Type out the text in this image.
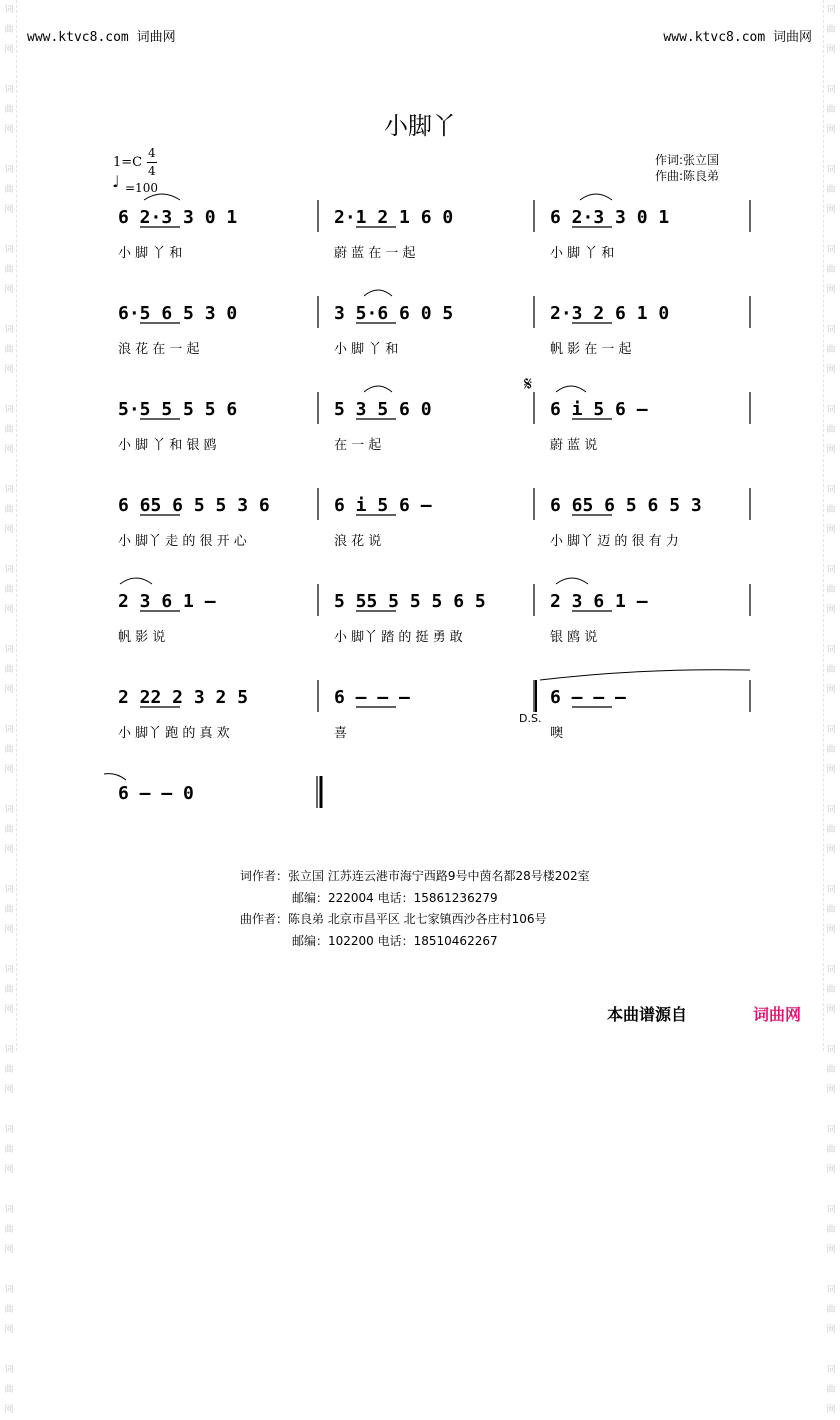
词
曲
网

词
曲
网

词
曲
网

词
曲
网

词
曲
网

词
曲
网

词
曲
网

词
曲
网

词
曲
网

词
曲
网

词
曲
网

词
曲
网

词
曲
网

词
曲
网

词
曲
网

词
曲
网

词
曲
网

词
曲
网

词
曲
网

词
曲
网

词
曲
网

词
曲
网

词
曲
网

词
曲
网

词
曲
网

词
曲
网

词
曲
网

词
曲
网

词
曲
网

词
曲
网

词
曲
网

词
曲
网

词
曲
网

词
曲
网

词
曲
网

词
曲
网

www.ktvc8.com 词曲网	www.ktvc8.com 词曲网
小脚丫
1=C
4
4
♩ =100
作词:张立国
作曲:陈良弟
6 2·3 3 0 1
小 脚 丫 和
2·1 2 1 6 0
蔚 蓝 在 一 起
6 2·3 3 0 1
小 脚 丫 和
6·5 6 5 3 0
浪 花 在 一 起
3 5·6 6 0 5
小 脚 丫 和
2·3 2 6 1 0
帆 影 在 一 起
5·5 5 5 5 6
小 脚 丫 和 银 鸥
5 3 5 6 0
在 一 起
6 i 5 6 –
蔚 蓝 说
6 65 6 5 5 3 6
小 脚丫 走 的 很 开 心
6 i 5 6 –
浪 花 说
6 65 6 5 6 5 3
小 脚丫 迈 的 很 有 力
2 3 6 1 –
帆 影 说
5 55 5 5 5 6 5
小 脚丫 踏 的 挺 勇 敢
2 3 6 1 –
银 鸥 说
2 22 2 3 2 5
小 脚丫 跑 的 真 欢
6 – – –
喜
6 – – –
噢
6 – – 0
𝄋
D.S.
词作者：张立国 江苏连云港市海宁西路9号中茵名都28号楼202室
邮编：222004 电话：15861236279
曲作者：陈良弟 北京市昌平区 北七家镇西沙各庄村106号
邮编：102200 电话：18510462267
本曲谱源自	词曲网
